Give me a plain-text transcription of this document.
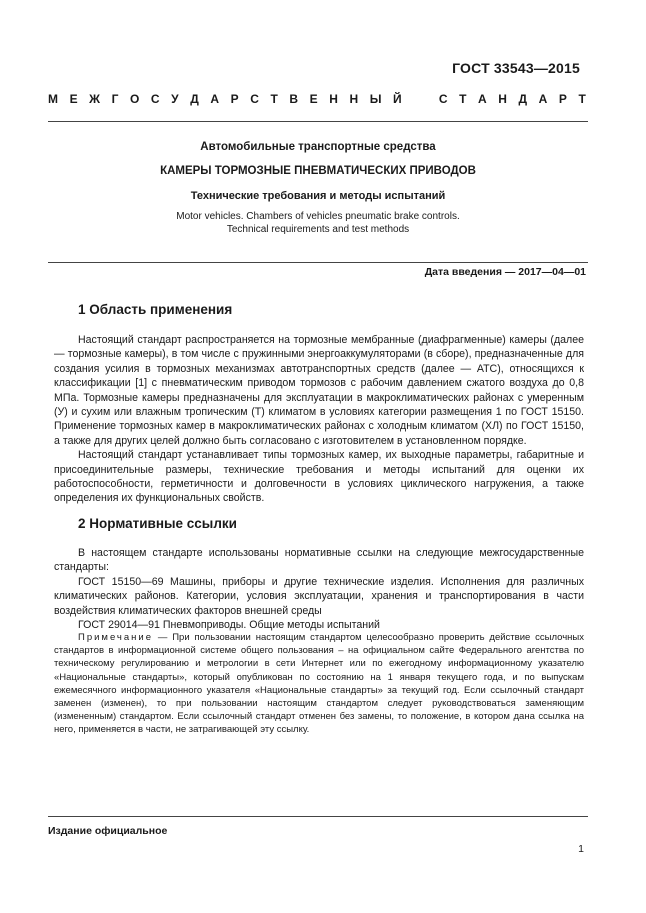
ГОСТ 33543—2015
М Е Ж Г О С У Д А Р С Т В Е Н Н Ы Й	С Т А Н Д А Р Т
Автомобильные транспортные средства
КАМЕРЫ ТОРМОЗНЫЕ ПНЕВМАТИЧЕСКИХ ПРИВОДОВ
Технические требования и методы испытаний
Motor vehicles. Chambers of vehicles pneumatic brake controls.
Technical requirements and test methods
Дата введения — 2017—04—01
1 Область применения

Настоящий стандарт распространяется на тормозные мембранные (диафрагменные) камеры (далее — тормозные камеры), в том числе с пружинными энергоаккумуляторами (в сборе), предназначенные для создания усилия в тормозных механизмах автотранспортных средств (далее — АТС), относящихся к классификации [1] с пневматическим приводом тормозов с рабочим давлением сжатого воздуха до 0,8 МПа. Тормозные камеры предназначены для эксплуатации в макроклиматических районах с умеренным (У) и сухим или влажным тропическим (Т) климатом в условиях категории размещения 1 по ГОСТ 15150. Применение тормозных камер в макроклиматических районах с холодным климатом (ХЛ) по ГОСТ 15150, а также для других целей должно быть согласовано с изготовителем в установленном порядке.

Настоящий стандарт устанавливает типы тормозных камер, их выходные параметры, габаритные и присоединительные размеры, технические требования и методы испытаний для оценки их работоспособности, герметичности и долговечности в условиях циклического нагружения, а также определения их функциональных свойств.

2 Нормативные ссылки

В настоящем стандарте использованы нормативные ссылки на следующие межгосударственные стандарты:

ГОСТ 15150—69 Машины, приборы и другие технические изделия. Исполнения для различных климатических районов. Категории, условия эксплуатации, хранения и транспортирования в части воздействия климатических факторов внешней среды

ГОСТ 29014—91 Пневмоприводы. Общие методы испытаний

Примечание — При пользовании настоящим стандартом целесообразно проверить действие ссылочных стандартов в информационной системе общего пользования – на официальном сайте Федерального агентства по техническому регулированию и метрологии в сети Интернет или по ежегодному информационному указателю «Национальные стандарты», который опубликован по состоянию на 1 января текущего года, и по выпускам ежемесячного информационного указателя «Национальные стандарты» за текущий год. Если ссылочный стандарт заменен (изменен), то при пользовании настоящим стандартом следует руководствоваться заменяющим (измененным) стандартом. Если ссылочный стандарт отменен без замены, то положение, в котором дана ссылка на него, применяется в части, не затрагивающей эту ссылку.

Издание официальное
1
